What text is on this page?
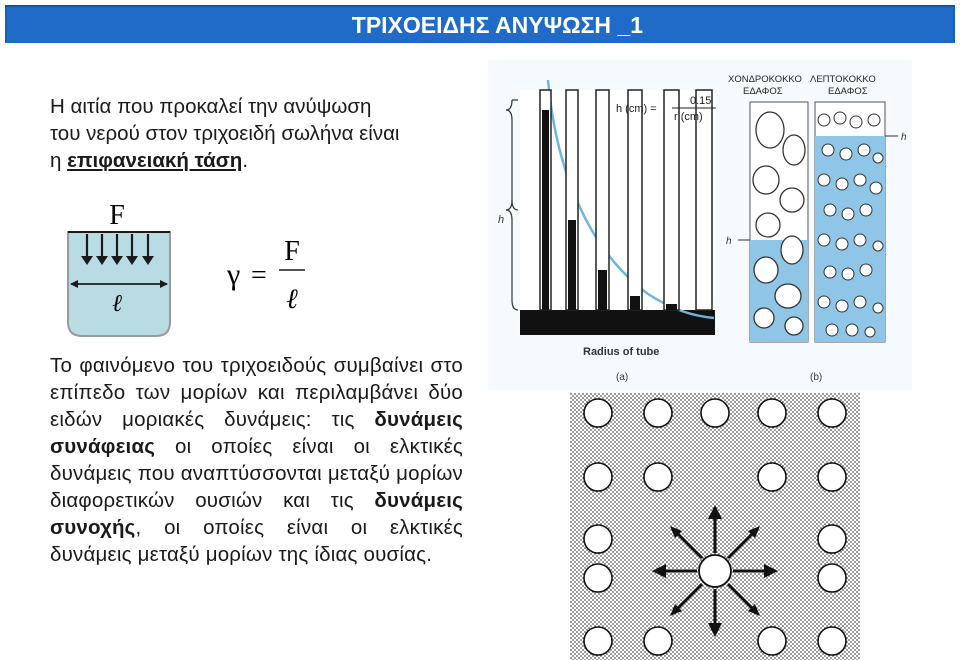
ΤΡΙΧΟΕΙΔΗΣ ΑΝΥΨΩΣΗ _1
Η αιτία που προκαλεί την ανύψωση
του νερού στον τριχοειδή σωλήνα είναι
η επιφανειακή τάση.
F
ℓ
γ =
F
ℓ
Το φαινόμενο του τριχοειδούς συμβαίνει στο επίπεδο των μορίων και περιλαμβάνει δύο ειδών μοριακές δυνάμεις: τις δυνάμεις συνάφειας οι οποίες είναι οι ελκτικές δυνάμεις που αναπτύσσονται μεταξύ μορίων διαφορετικών ουσιών και τις δυνάμεις συνοχής, οι οποίες είναι οι ελκτικές δυνάμεις μεταξύ μορίων της ίδιας ουσίας.
h
h (cm) =
0.15
r (cm)
Radius of tube
(a)
ΧΟΝΔΡΟΚΟΚΚΟ
ΕΔΑΦΟΣ
ΛΕΠΤΟΚΟΚΚΟ
ΕΔΑΦΟΣ
h
h
(b)
